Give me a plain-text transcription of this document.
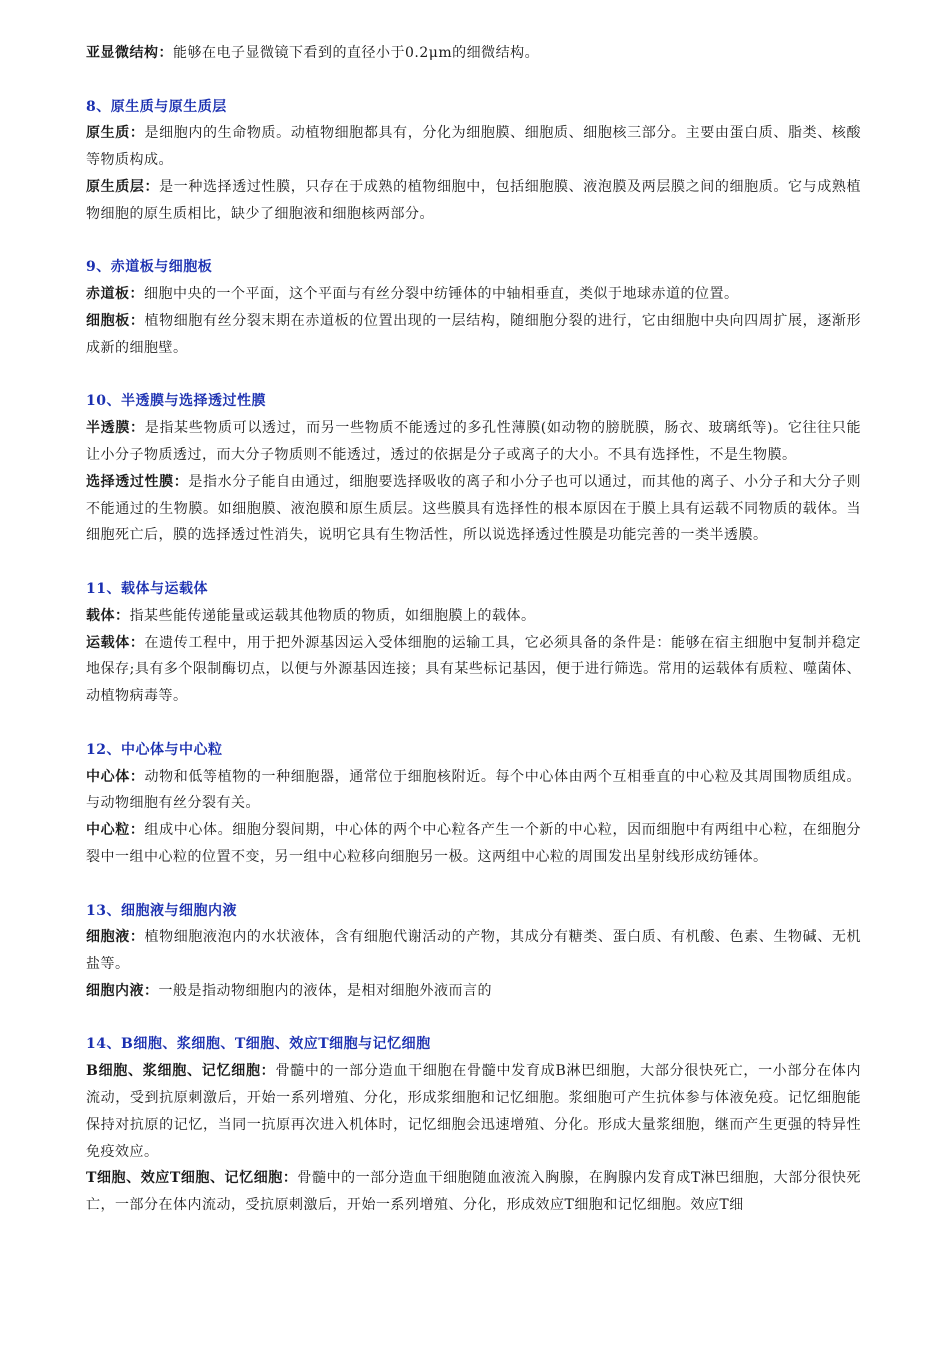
亚显微结构：能够在电子显微镜下看到的直径小于0.2μm的细微结构。

8、原生质与原生质层

原生质：是细胞内的生命物质。动植物细胞都具有，分化为细胞膜、细胞质、细胞核三部分。主要由蛋白质、脂类、核酸等物质构成。

原生质层：是一种选择透过性膜，只存在于成熟的植物细胞中，包括细胞膜、液泡膜及两层膜之间的细胞质。它与成熟植物细胞的原生质相比，缺少了细胞液和细胞核两部分。

9、赤道板与细胞板

赤道板：细胞中央的一个平面，这个平面与有丝分裂中纺锤体的中轴相垂直，类似于地球赤道的位置。

细胞板：植物细胞有丝分裂末期在赤道板的位置出现的一层结构，随细胞分裂的进行，它由细胞中央向四周扩展，逐渐形成新的细胞壁。

10、半透膜与选择透过性膜

半透膜：是指某些物质可以透过，而另一些物质不能透过的多孔性薄膜(如动物的膀胱膜，肠衣、玻璃纸等)。它往往只能让小分子物质透过，而大分子物质则不能透过，透过的依据是分子或离子的大小。不具有选择性，不是生物膜。

选择透过性膜：是指水分子能自由通过，细胞要选择吸收的离子和小分子也可以通过，而其他的离子、小分子和大分子则不能通过的生物膜。如细胞膜、液泡膜和原生质层。这些膜具有选择性的根本原因在于膜上具有运载不同物质的载体。当细胞死亡后，膜的选择透过性消失，说明它具有生物活性，所以说选择透过性膜是功能完善的一类半透膜。

11、载体与运载体

载体：指某些能传递能量或运载其他物质的物质，如细胞膜上的载体。

运载体：在遗传工程中，用于把外源基因运入受体细胞的运输工具，它必须具备的条件是：能够在宿主细胞中复制并稳定地保存;具有多个限制酶切点，以便与外源基因连接；具有某些标记基因，便于进行筛选。常用的运载体有质粒、噬菌体、动植物病毒等。

12、中心体与中心粒

中心体：动物和低等植物的一种细胞器，通常位于细胞核附近。每个中心体由两个互相垂直的中心粒及其周围物质组成。与动物细胞有丝分裂有关。

中心粒：组成中心体。细胞分裂间期，中心体的两个中心粒各产生一个新的中心粒，因而细胞中有两组中心粒，在细胞分裂中一组中心粒的位置不变，另一组中心粒移向细胞另一极。这两组中心粒的周围发出星射线形成纺锤体。

13、细胞液与细胞内液

细胞液：植物细胞液泡内的水状液体，含有细胞代谢活动的产物，其成分有糖类、蛋白质、有机酸、色素、生物碱、无机盐等。

细胞内液：一般是指动物细胞内的液体，是相对细胞外液而言的

14、B细胞、浆细胞、T细胞、效应T细胞与记忆细胞

B细胞、浆细胞、记忆细胞：骨髓中的一部分造血干细胞在骨髓中发育成B淋巴细胞，大部分很快死亡，一小部分在体内流动，受到抗原刺激后，开始一系列增殖、分化，形成浆细胞和记忆细胞。浆细胞可产生抗体参与体液免疫。记忆细胞能保持对抗原的记忆，当同一抗原再次进入机体时，记忆细胞会迅速增殖、分化。形成大量浆细胞，继而产生更强的特异性免疫效应。

T细胞、效应T细胞、记忆细胞：骨髓中的一部分造血干细胞随血液流入胸腺，在胸腺内发育成T淋巴细胞，大部分很快死亡，一部分在体内流动，受抗原刺激后，开始一系列增殖、分化，形成效应T细胞和记忆细胞。效应T细
